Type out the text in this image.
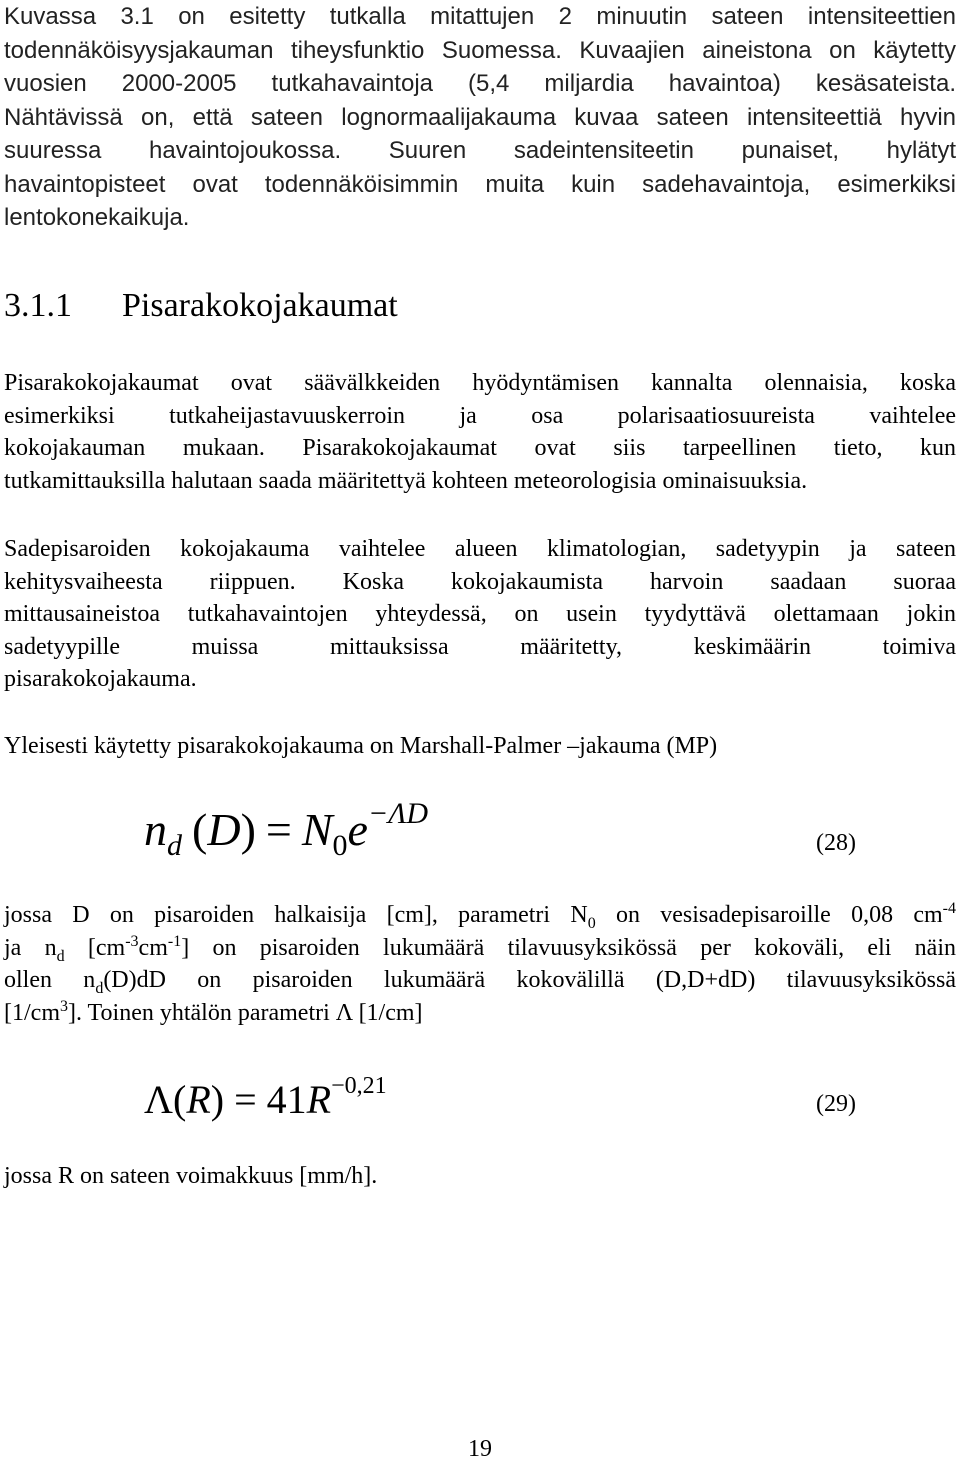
Kuvassa 3.1 on esitetty tutkalla mitattujen 2 minuutin sateen intensiteettien
todennäköisyysjakauman tiheysfunktio Suomessa. Kuvaajien aineistona on käytetty
vuosien 2000-2005 tutkahavaintoja (5,4 miljardia havaintoa) kesäsateista.
Nähtävissä on, että sateen lognormaalijakauma kuvaa sateen intensiteettiä hyvin
suuressa havaintojoukossa. Suuren sadeintensiteetin punaiset, hylätyt
havaintopisteet ovat todennäköisimmin muita kuin sadehavaintoja, esimerkiksi
lentokonekaikuja.
3.1.1 Pisarakokojakaumat
Pisarakokojakaumat ovat säävälkkeiden hyödyntämisen kannalta olennaisia, koska
esimerkiksi tutkaheijastavuuskerroin ja osa polarisaatiosuureista vaihtelee
kokojakauman mukaan. Pisarakokojakaumat ovat siis tarpeellinen tieto, kun
tutkamittauksilla halutaan saada määritettyä kohteen meteorologisia ominaisuuksia.
Sadepisaroiden kokojakauma vaihtelee alueen klimatologian, sadetyypin ja sateen
kehitysvaiheesta riippuen. Koska kokojakaumista harvoin saadaan suoraa
mittausaineistoa tutkahavaintojen yhteydessä, on usein tyydyttävä olettamaan jokin
sadetyypille muissa mittauksissa määritetty, keskimäärin toimiva
pisarakokojakauma.
Yleisesti käytetty pisarakokojakauma on Marshall-Palmer –jakauma (MP)
$n_d$ $(D) = N_0e^{-\Lambda D}$
(28)
jossa D on pisaroiden halkaisija [cm], parametri $N_0$ on vesisadepisaroille 0,08 $cm^{-4}$
ja $n_d$ $[cm^{-3}cm^{-1}]$ on pisaroiden lukumäärä tilavuusyksikössä per kokoväli, eli näin
ollen $n_d(D)dD$ on pisaroiden lukumäärä kokovälillä (D,D+dD) tilavuusyksikössä
$[1/cm^3]$. Toinen yhtälön parametri Λ [1/cm]
$\Lambda(R) = 41R^{-0,21}$
(29)
jossa R on sateen voimakkuus [mm/h].
19
